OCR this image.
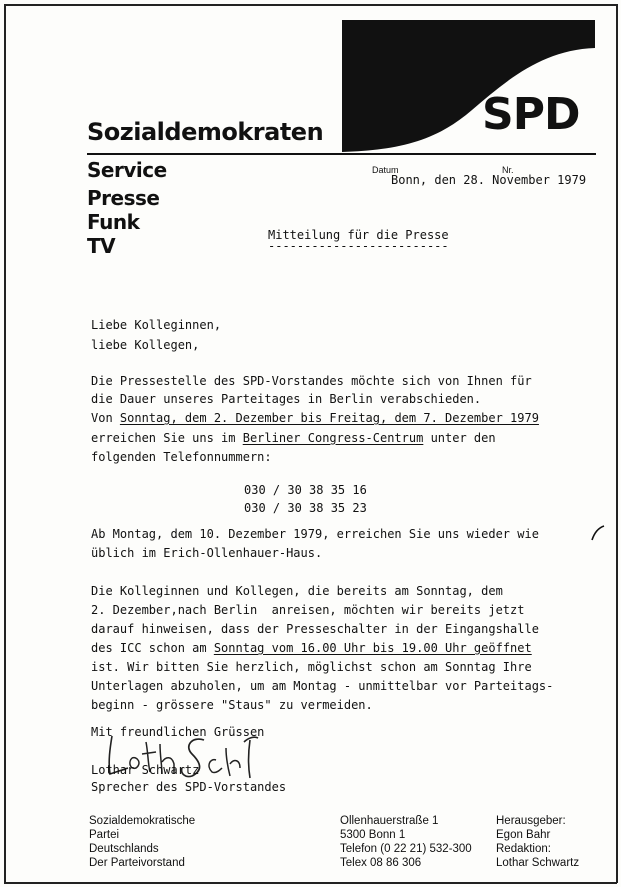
SPD
Sozialdemokraten
Service
Presse
Funk
TV
Datum	Nr.
Bonn, den 28. November 1979
Mitteilung für die Presse
-------------------------
Liebe Kolleginnen,
liebe Kollegen,
Die Pressestelle des SPD-Vorstandes möchte sich von Ihnen für
die Dauer unseres Parteitages in Berlin verabschieden.
Von Sonntag, dem 2. Dezember bis Freitag, dem 7. Dezember 1979
erreichen Sie uns im Berliner Congress-Centrum unter den
folgenden Telefonnummern:
030 / 30 38 35 16
030 / 30 38 35 23
Ab Montag, dem 10. Dezember 1979, erreichen Sie uns wieder wie
üblich im Erich-Ollenhauer-Haus.
Die Kolleginnen und Kollegen, die bereits am Sonntag, dem
2. Dezember,nach Berlin  anreisen, möchten wir bereits jetzt
darauf hinweisen, dass der Presseschalter in der Eingangshalle
des ICC schon am Sonntag vom 16.00 Uhr bis 19.00 Uhr geöffnet
ist. Wir bitten Sie herzlich, möglichst schon am Sonntag Ihre
Unterlagen abzuholen, um am Montag - unmittelbar vor Parteitags-
beginn - grössere "Staus" zu vermeiden.
Mit freundlichen Grüssen
Lothar Schwartz
Sprecher des SPD-Vorstandes
Sozialdemokratische
Partei
Deutschlands
Der Parteivorstand
Ollenhauerstraße 1
5300 Bonn 1
Telefon (0 22 21) 532-300
Telex 08 86 306
Herausgeber:
Egon Bahr
Redaktion:
Lothar Schwartz
